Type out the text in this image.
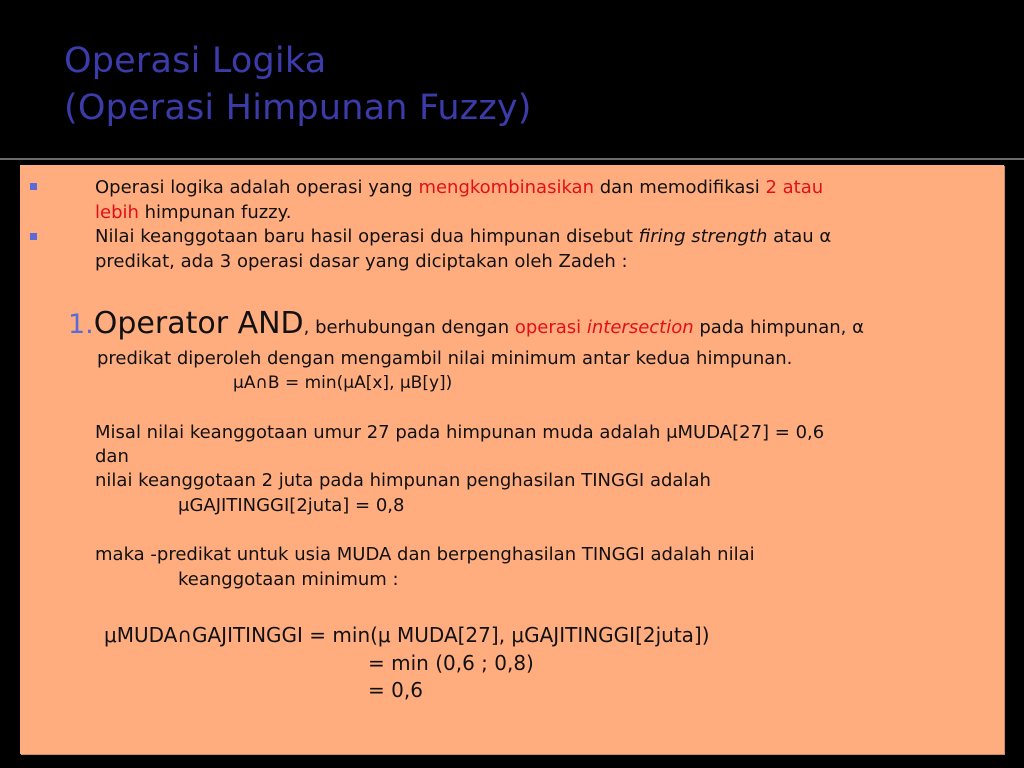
Operasi Logika
(Operasi Himpunan Fuzzy)
Operasi logika adalah operasi yang mengkombinasikan dan memodifikasi 2 atau
lebih himpunan fuzzy.
Nilai keanggotaan baru hasil operasi dua himpunan disebut firing strength atau α
predikat, ada 3 operasi dasar yang diciptakan oleh Zadeh :
1.Operator AND, berhubungan dengan operasi intersection pada himpunan, α
predikat diperoleh dengan mengambil nilai minimum antar kedua himpunan.
μA∩B = min(μA[x], μB[y])
Misal nilai keanggotaan umur 27 pada himpunan muda adalah μMUDA[27] = 0,6
dan
nilai keanggotaan 2 juta pada himpunan penghasilan TINGGI adalah
μGAJITINGGI[2juta] = 0,8
maka -predikat untuk usia MUDA dan berpenghasilan TINGGI adalah nilai
keanggotaan minimum :
μMUDA∩GAJITINGGI = min(μ MUDA[27], μGAJITINGGI[2juta])
= min (0,6 ; 0,8)
= 0,6
